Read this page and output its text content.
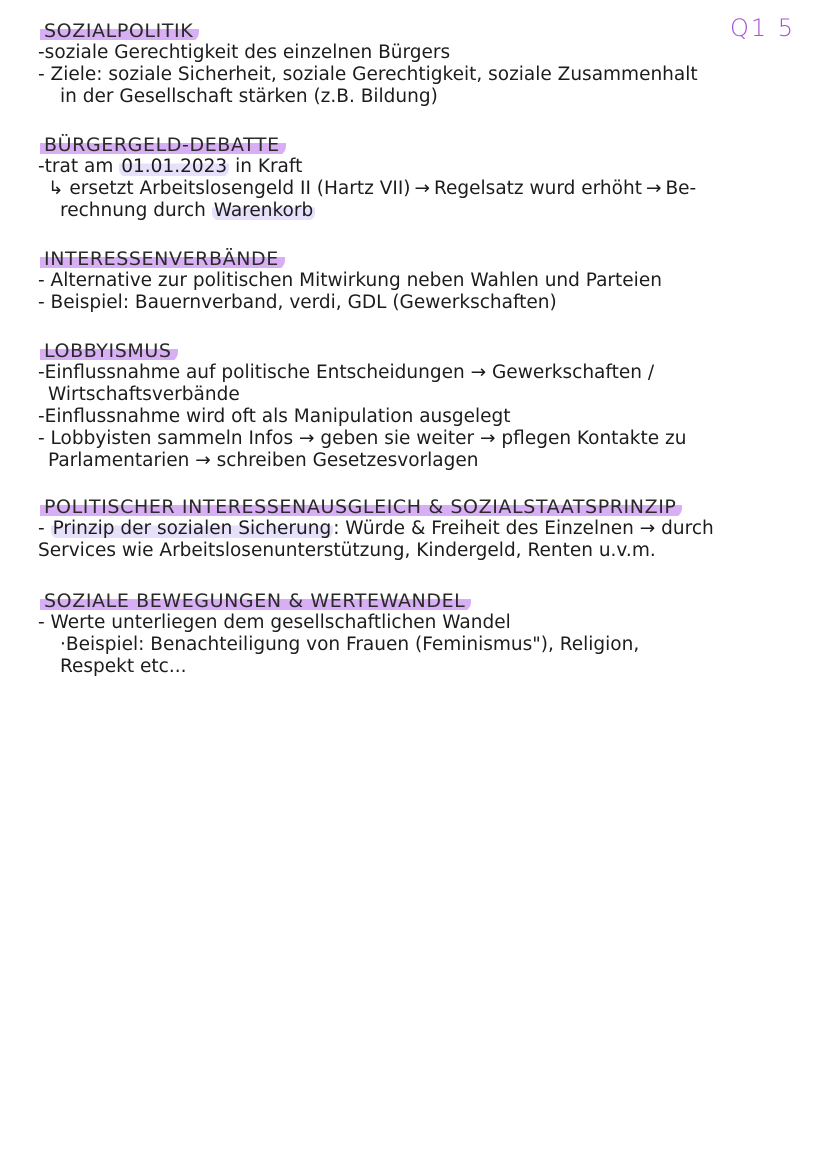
Q1 5
SOZIALPOLITIK
-soziale Gerechtigkeit des einzelnen Bürgers
- Ziele: soziale Sicherheit, soziale Gerechtigkeit, soziale Zusammenhalt
in der Gesellschaft stärken (z.B. Bildung)
BÜRGERGELD-DEBATTE
-trat am 01.01.2023 in Kraft
↳ ersetzt Arbeitslosengeld II (Hartz VII) → Regelsatz wurd erhöht → Be-
rechnung durch Warenkorb
INTERESSENVERBÄNDE
- Alternative zur politischen Mitwirkung neben Wahlen und Parteien
- Beispiel: Bauernverband, verdi, GDL (Gewerkschaften)
LOBBYISMUS
-Einflussnahme auf politische Entscheidungen → Gewerkschaften /
Wirtschaftsverbände
-Einflussnahme wird oft als Manipulation ausgelegt
- Lobbyisten sammeln Infos → geben sie weiter → pflegen Kontakte zu
Parlamentarien → schreiben Gesetzesvorlagen
POLITISCHER INTERESSENAUSGLEICH & SOZIALSTAATSPRINZIP
- Prinzip der sozialen Sicherung : Würde & Freiheit des Einzelnen → durch
Services wie Arbeitslosenunterstützung, Kindergeld, Renten u.v.m.
SOZIALE BEWEGUNGEN & WERTEWANDEL
- Werte unterliegen dem gesellschaftlichen Wandel
·Beispiel: Benachteiligung von Frauen (Feminismus"), Religion,
Respekt etc...
